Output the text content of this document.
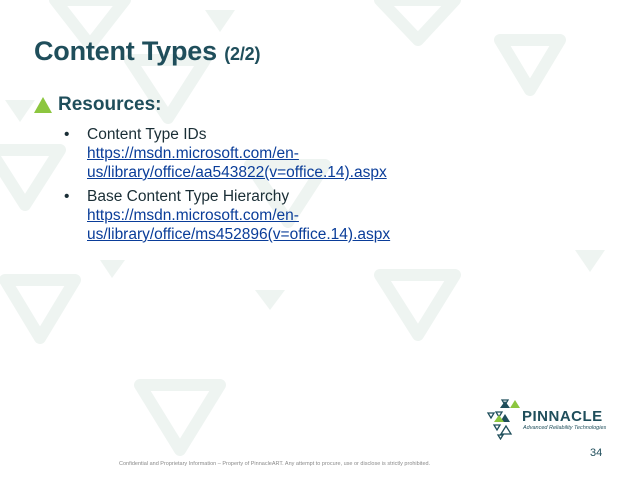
Content Types (2/2)
Resources:
• Content Type IDs
https://msdn.microsoft.com/en-
us/library/office/aa543822(v=office.14).aspx
• Base Content Type Hierarchy
https://msdn.microsoft.com/en-
us/library/office/ms452896(v=office.14).aspx
PINNACLE
Advanced Reliability Technologies
34
Confidential and Proprietary Information – Property of PinnacleART. Any attempt to procure, use or disclose is strictly prohibited.
